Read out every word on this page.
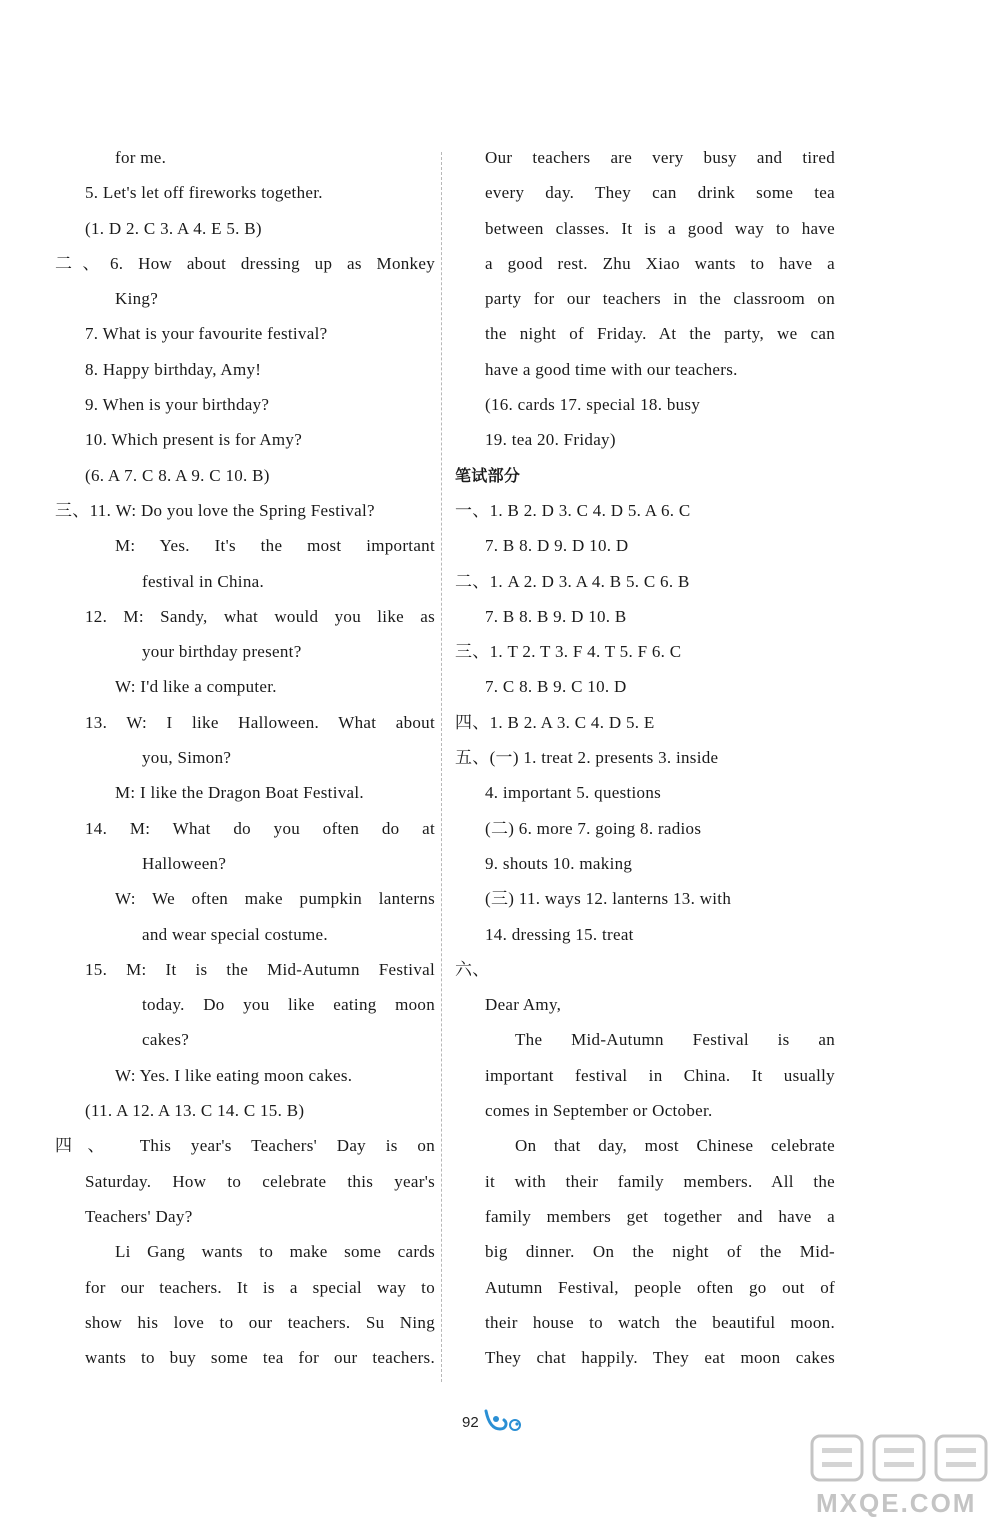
for me.
5. Let's let off fireworks together.
(1. D 2. C 3. A 4. E 5. B)
二、6. How about dressing up as Monkey
King?
7. What is your favourite festival?
8. Happy birthday, Amy!
9. When is your birthday?
10. Which present is for Amy?
(6. A 7. C 8. A 9. C 10. B)
三、11. W: Do you love the Spring Festival?
M: Yes. It's the most important
festival in China.
12. M: Sandy, what would you like as
your birthday present?
W: I'd like a computer.
13. W: I like Halloween. What about
you, Simon?
M: I like the Dragon Boat Festival.
14. M: What do you often do at
Halloween?
W: We often make pumpkin lanterns
and wear special costume.
15. M: It is the Mid-Autumn Festival
today. Do you like eating moon
cakes?
W: Yes. I like eating moon cakes.
(11. A 12. A 13. C 14. C 15. B)
四、 This year's Teachers' Day is on
Saturday. How to celebrate this year's
Teachers' Day?
Li Gang wants to make some cards
for our teachers. It is a special way to
show his love to our teachers. Su Ning
wants to buy some tea for our teachers.
Our teachers are very busy and tired
every day. They can drink some tea
between classes. It is a good way to have
a good rest. Zhu Xiao wants to have a
party for our teachers in the classroom on
the night of Friday. At the party, we can
have a good time with our teachers.
(16. cards 17. special 18. busy
19. tea 20. Friday)
笔试部分
一、1. B 2. D 3. C 4. D 5. A 6. C
7. B 8. D 9. D 10. D
二、1. A 2. D 3. A 4. B 5. C 6. B
7. B 8. B 9. D 10. B
三、1. T 2. T 3. F 4. T 5. F 6. C
7. C 8. B 9. C 10. D
四、1. B 2. A 3. C 4. D 5. E
五、(一) 1. treat 2. presents 3. inside
4. important 5. questions
(二) 6. more 7. going 8. radios
9. shouts 10. making
(三) 11. ways 12. lanterns 13. with
14. dressing 15. treat
六、
Dear Amy,
The Mid-Autumn Festival is an
important festival in China. It usually
comes in September or October.
On that day, most Chinese celebrate
it with their family members. All the
family members get together and have a
big dinner. On the night of the Mid-
Autumn Festival, people often go out of
their house to watch the beautiful moon.
They chat happily. They eat moon cakes
92
MXQE.COM
